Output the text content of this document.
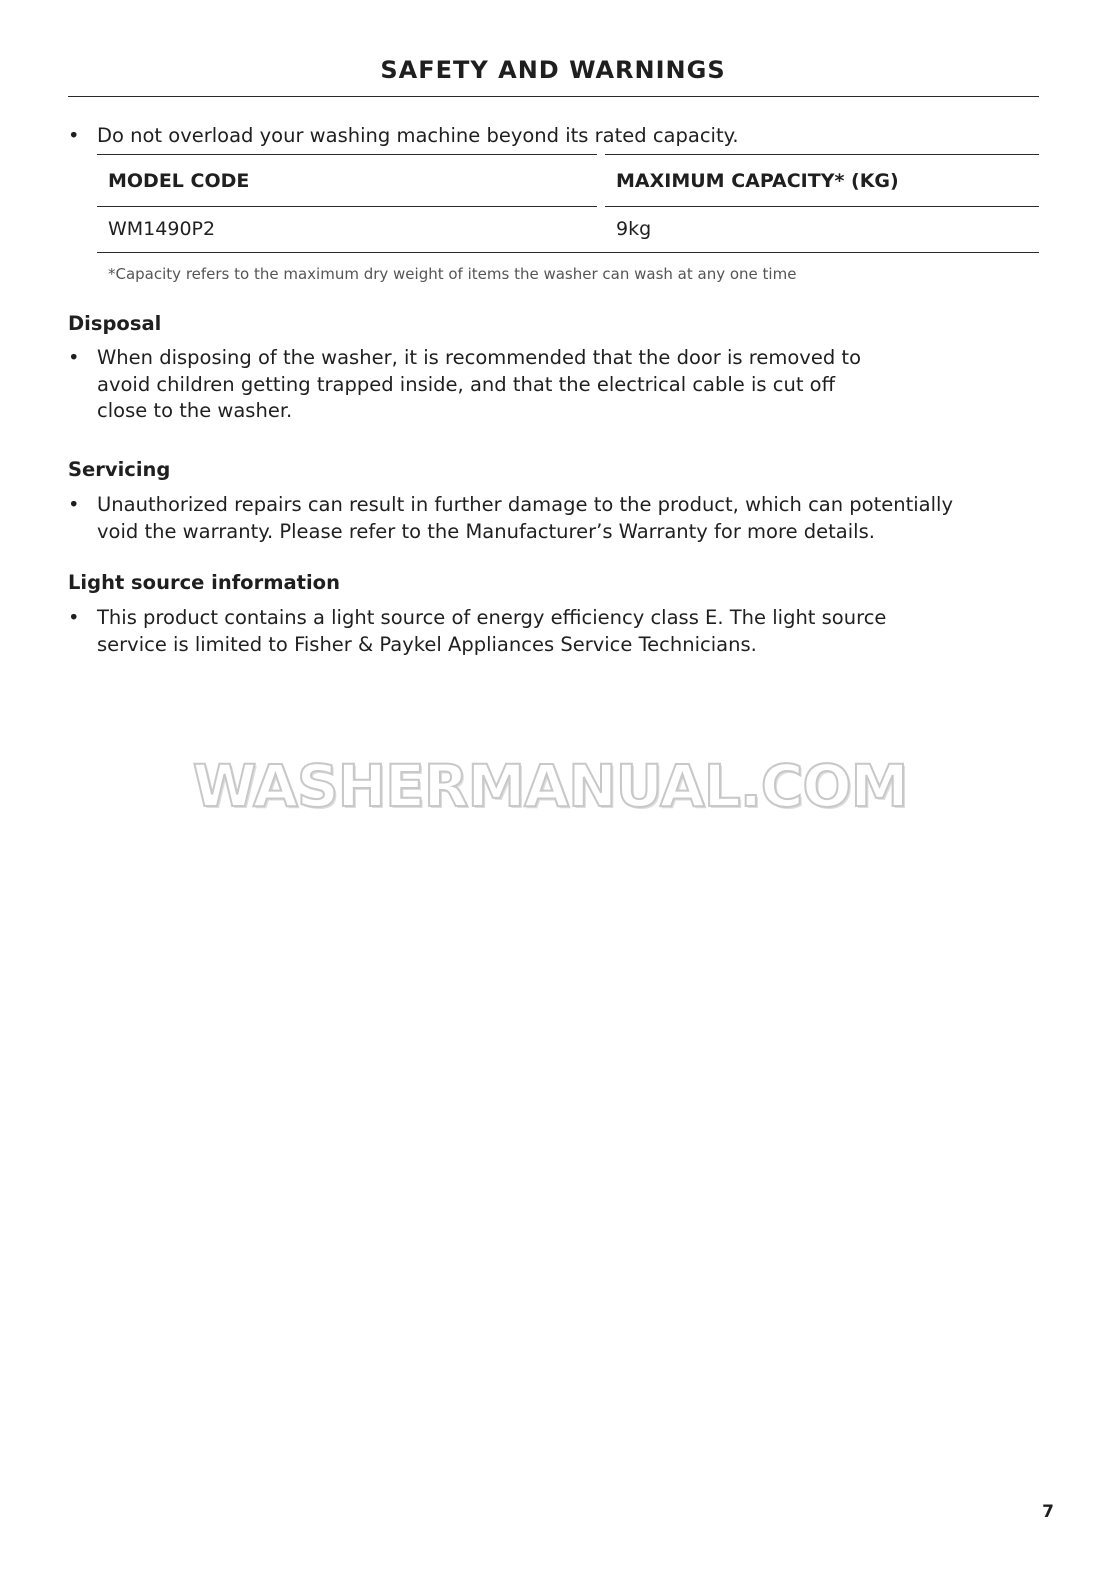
SAFETY AND WARNINGS
• Do not overload your washing machine beyond its rated capacity.
MODEL CODE	MAXIMUM CAPACITY* (KG)
WM1490P2	9kg
*Capacity refers to the maximum dry weight of items the washer can wash at any one time
Disposal
• When disposing of the washer, it is recommended that the door is removed to
avoid children getting trapped inside, and that the electrical cable is cut off
close to the washer.
Servicing
• Unauthorized repairs can result in further damage to the product, which can potentially
void the warranty. Please refer to the Manufacturer’s Warranty for more details.
Light source information
• This product contains a light source of energy efficiency class E. The light source
service is limited to Fisher & Paykel Appliances Service Technicians.
WASHERMANUAL.COM
7
